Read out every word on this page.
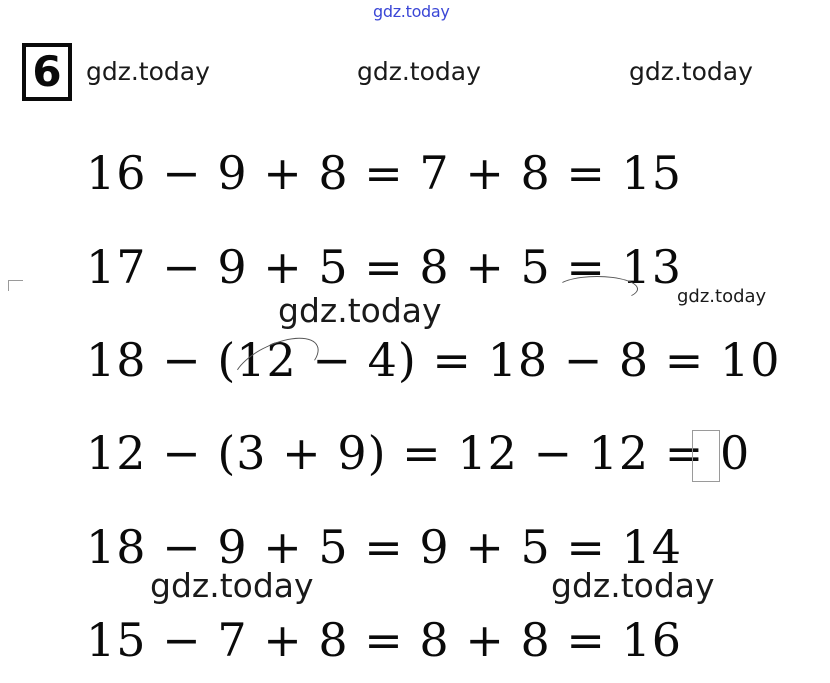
gdz.today
6 gdz.today	gdz.today	gdz.today
16 − 9 + 8 = 7 + 8 = 15
17 − 9 + 5 = 8 + 5 = 13
18 − (12 − 4) = 18 − 8 = 10
12 − (3 + 9) = 12 − 12 = 0
18 − 9 + 5 = 9 + 5 = 14
15 − 7 + 8 = 8 + 8 = 16
gdz.today	gdz.today
gdz.today	gdz.today
